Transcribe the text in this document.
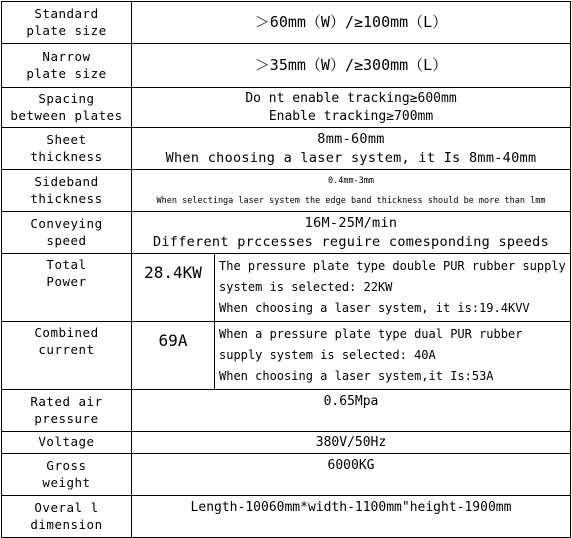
Standard
plate size	＞60mm（W）/≥100mm（L）	

Narrow
plate size	＞35mm（W）/≥300mm（L）	

Spacing
between plates	Do nt enable tracking≥600mm
Enable tracking≥700mm	

Sheet
thickness	8mm-60mm
When choosing a laser system, it Is 8mm-40mm	

Sideband
thickness	0.4mm-3mm
When selectinga laser system the edge band thickness should be more than lmm	

Conveying
speed	16M-25M/min
Different prccesses reguire comesponding speeds	

Total
Power	28.4KW	The pressure plate type double PUR rubber supply system is selected: 22KW
When choosing a laser system, it is:19.4KVV

Combined
current	69A	When a pressure plate type dual PUR rubber supply system is selected: 40A
When choosing a laser system,it Is:53A

Rated air
pressure	0.65Mpa	

Voltage	380V/50Hz	

Gross
weight	6000KG	

Overal l
dimension	Length-10060mm*width-1100mm"height-1900mm	
